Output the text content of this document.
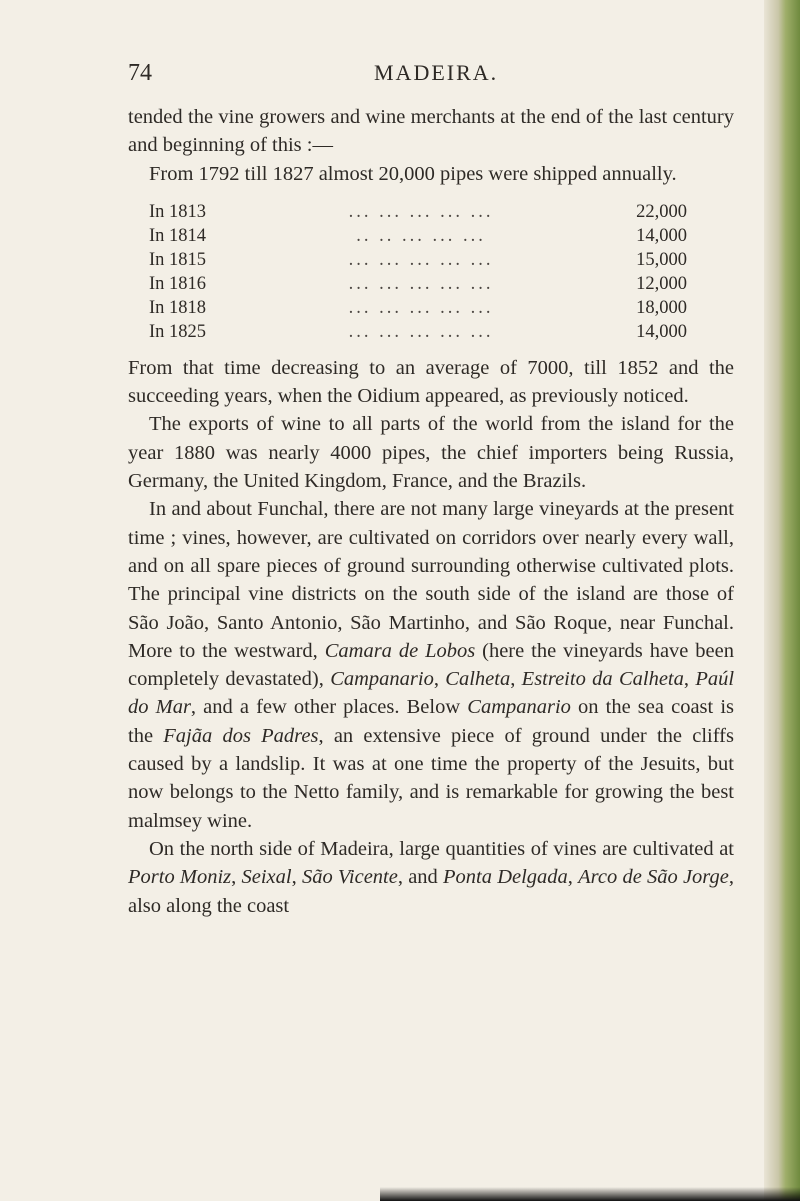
74	MADEIRA.

tended the vine growers and wine merchants at the end of the last century and beginning of this :—

From 1792 till 1827 almost 20,000 pipes were shipped annually.

In 1813	... ... ... ... ...	22,000
In 1814	.. .. ... ... ...	14,000
In 1815	... ... ... ... ...	15,000
In 1816	... ... ... ... ...	12,000
In 1818	... ... ... ... ...	18,000
In 1825	... ... ... ... ...	14,000

From that time decreasing to an average of 7000, till 1852 and the succeeding years, when the Oidium appeared, as previously noticed.

The exports of wine to all parts of the world from the island for the year 1880 was nearly 4000 pipes, the chief importers being Russia, Germany, the United Kingdom, France, and the Brazils.

In and about Funchal, there are not many large vineyards at the present time ; vines, however, are cultivated on corridors over nearly every wall, and on all spare pieces of ground surrounding otherwise cultivated plots. The principal vine districts on the south side of the island are those of São João, Santo Antonio, São Martinho, and São Roque, near Funchal. More to the westward, Camara de Lobos (here the vineyards have been completely devastated), Campanario, Calheta, Estreito da Calheta, Paúl do Mar, and a few other places. Below Campanario on the sea coast is the Fajãa dos Padres, an extensive piece of ground under the cliffs caused by a landslip. It was at one time the property of the Jesuits, but now belongs to the Netto family, and is remarkable for growing the best malmsey wine.

On the north side of Madeira, large quantities of vines are cultivated at Porto Moniz, Seixal, São Vicente, and Ponta Delgada, Arco de São Jorge, also along the coast
